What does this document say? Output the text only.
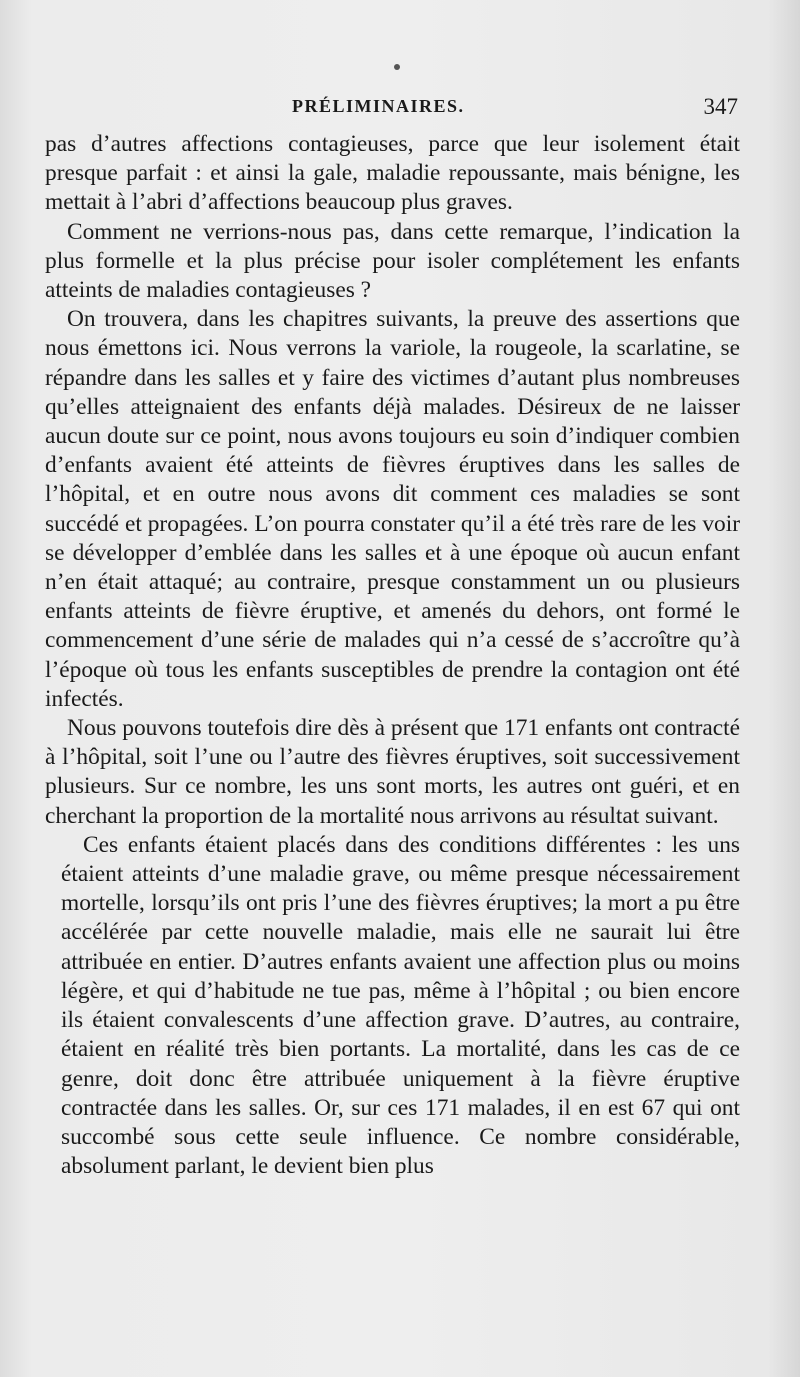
PRÉLIMINAIRES.	347

pas d’autres affections contagieuses, parce que leur isolement était presque parfait : et ainsi la gale, maladie repoussante, mais bénigne, les mettait à l’abri d’affections beaucoup plus graves.

Comment ne verrions-nous pas, dans cette remarque, l’indication la plus formelle et la plus précise pour isoler complétement les enfants atteints de maladies contagieuses ?

On trouvera, dans les chapitres suivants, la preuve des assertions que nous émettons ici. Nous verrons la variole, la rougeole, la scarlatine, se répandre dans les salles et y faire des victimes d’autant plus nombreuses qu’elles atteignaient des enfants déjà malades. Désireux de ne laisser aucun doute sur ce point, nous avons toujours eu soin d’indiquer combien d’enfants avaient été atteints de fièvres éruptives dans les salles de l’hôpital, et en outre nous avons dit comment ces maladies se sont succédé et propagées. L’on pourra constater qu’il a été très rare de les voir se développer d’emblée dans les salles et à une époque où aucun enfant n’en était attaqué; au contraire, presque constamment un ou plusieurs enfants atteints de fièvre éruptive, et amenés du dehors, ont formé le commencement d’une série de malades qui n’a cessé de s’accroître qu’à l’époque où tous les enfants susceptibles de prendre la contagion ont été infectés.

Nous pouvons toutefois dire dès à présent que 171 enfants ont contracté à l’hôpital, soit l’une ou l’autre des fièvres éruptives, soit successivement plusieurs. Sur ce nombre, les uns sont morts, les autres ont guéri, et en cherchant la proportion de la mortalité nous arrivons au résultat suivant.

Ces enfants étaient placés dans des conditions différentes : les uns étaient atteints d’une maladie grave, ou même presque nécessairement mortelle, lorsqu’ils ont pris l’une des fièvres éruptives; la mort a pu être accélérée par cette nouvelle maladie, mais elle ne saurait lui être attribuée en entier. D’autres enfants avaient une affection plus ou moins légère, et qui d’habitude ne tue pas, même à l’hôpital ; ou bien encore ils étaient convalescents d’une affection grave. D’autres, au contraire, étaient en réalité très bien portants. La mortalité, dans les cas de ce genre, doit donc être attribuée uniquement à la fièvre éruptive contractée dans les salles. Or, sur ces 171 malades, il en est 67 qui ont succombé sous cette seule influence. Ce nombre considérable, absolument parlant, le devient bien plus
